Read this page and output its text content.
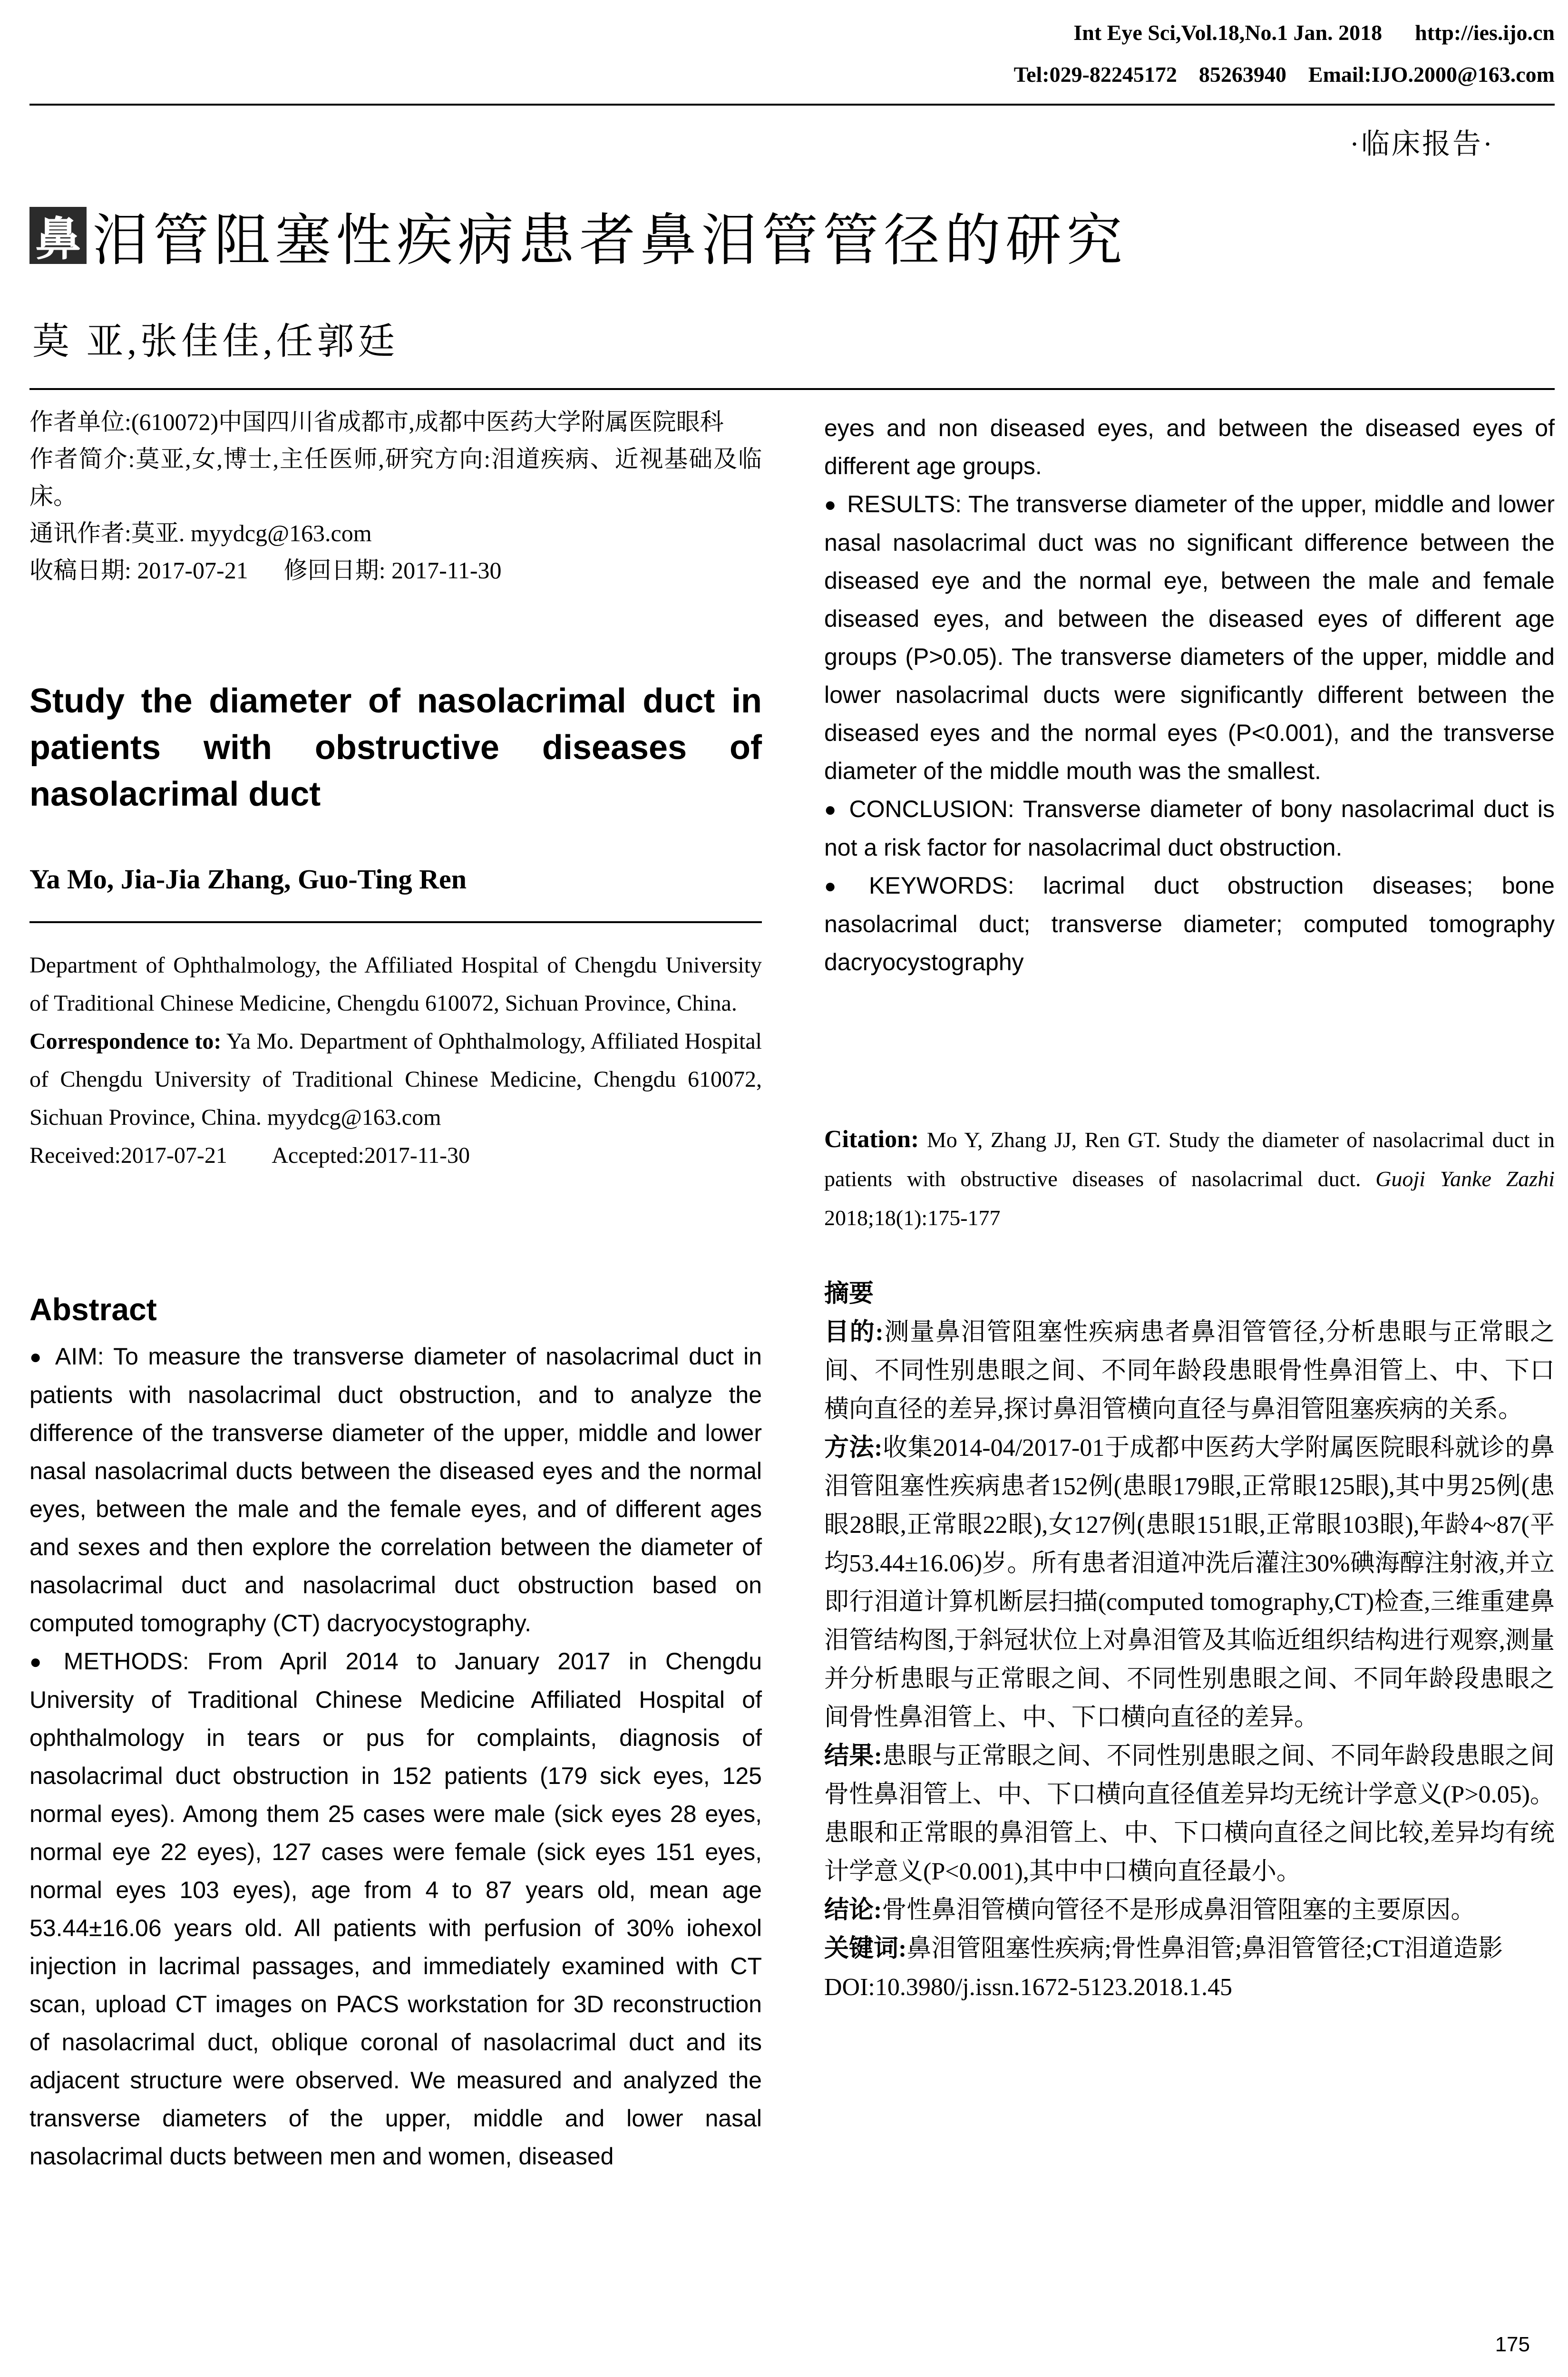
Int Eye Sci,Vol.18,No.1 Jan. 2018      http://ies.ijo.cn
Tel:029-82245172    85263940    Email:IJO.2000@163.com
·临床报告·
鼻 泪管阻塞性疾病患者鼻泪管管径的研究
莫 亚,张佳佳,任郭廷

作者单位:(610072)中国四川省成都市,成都中医药大学附属医院眼科

作者简介:莫亚,女,博士,主任医师,研究方向:泪道疾病、近视基础及临床。

通讯作者:莫亚. myydcg@163.com

收稿日期: 2017-07-21      修回日期: 2017-11-30

Study the diameter of nasolacrimal duct in patients with obstructive diseases of nasolacrimal duct

Ya Mo, Jia-Jia Zhang, Guo-Ting Ren

Department of Ophthalmology, the Affiliated Hospital of Chengdu University of Traditional Chinese Medicine, Chengdu 610072, Sichuan Province, China.

Correspondence to: Ya Mo. Department of Ophthalmology, Affiliated Hospital of Chengdu University of Traditional Chinese Medicine, Chengdu 610072, Sichuan Province, China. myydcg@163.com

Received:2017-07-21        Accepted:2017-11-30

Abstract

● AIM: To measure the transverse diameter of nasolacrimal duct in patients with nasolacrimal duct obstruction, and to analyze the difference of the transverse diameter of the upper, middle and lower nasal nasolacrimal ducts between the diseased eyes and the normal eyes, between the male and the female eyes, and of different ages and sexes and then explore the correlation between the diameter of nasolacrimal duct and nasolacrimal duct obstruction based on computed tomography (CT) dacryocystography.

● METHODS: From April 2014 to January 2017 in Chengdu University of Traditional Chinese Medicine Affiliated Hospital of ophthalmology in tears or pus for complaints, diagnosis of nasolacrimal duct obstruction in 152 patients (179 sick eyes, 125 normal eyes). Among them 25 cases were male (sick eyes 28 eyes, normal eye 22 eyes), 127 cases were female (sick eyes 151 eyes, normal eyes 103 eyes), age from 4 to 87 years old, mean age 53.44±16.06 years old. All patients with perfusion of 30% iohexol injection in lacrimal passages, and immediately examined with CT scan, upload CT images on PACS workstation for 3D reconstruction of nasolacrimal duct, oblique coronal of nasolacrimal duct and its adjacent structure were observed. We measured and analyzed the transverse diameters of the upper, middle and lower nasal nasolacrimal ducts between men and women, diseased

eyes and non diseased eyes, and between the diseased eyes of different age groups.

● RESULTS: The transverse diameter of the upper, middle and lower nasal nasolacrimal duct was no significant difference between the diseased eye and the normal eye, between the male and female diseased eyes, and between the diseased eyes of different age groups (P>0.05). The transverse diameters of the upper, middle and lower nasolacrimal ducts were significantly different between the diseased eyes and the normal eyes (P<0.001), and the transverse diameter of the middle mouth was the smallest.

● CONCLUSION: Transverse diameter of bony nasolacrimal duct is not a risk factor for nasolacrimal duct obstruction.

● KEYWORDS: lacrimal duct obstruction diseases; bone nasolacrimal duct; transverse diameter; computed tomography dacryocystography

Citation: Mo Y, Zhang JJ, Ren GT. Study the diameter of nasolacrimal duct in patients with obstructive diseases of nasolacrimal duct. Guoji Yanke Zazhi 2018;18(1):175-177

摘要

目的:测量鼻泪管阻塞性疾病患者鼻泪管管径,分析患眼与正常眼之间、不同性别患眼之间、不同年龄段患眼骨性鼻泪管上、中、下口横向直径的差异,探讨鼻泪管横向直径与鼻泪管阻塞疾病的关系。

方法:收集2014-04/2017-01于成都中医药大学附属医院眼科就诊的鼻泪管阻塞性疾病患者152例(患眼179眼,正常眼125眼),其中男25例(患眼28眼,正常眼22眼),女127例(患眼151眼,正常眼103眼),年龄4~87(平均53.44±16.06)岁。所有患者泪道冲洗后灌注30%碘海醇注射液,并立即行泪道计算机断层扫描(computed tomography,CT)检查,三维重建鼻泪管结构图,于斜冠状位上对鼻泪管及其临近组织结构进行观察,测量并分析患眼与正常眼之间、不同性别患眼之间、不同年龄段患眼之间骨性鼻泪管上、中、下口横向直径的差异。

结果:患眼与正常眼之间、不同性别患眼之间、不同年龄段患眼之间骨性鼻泪管上、中、下口横向直径值差异均无统计学意义(P>0.05)。患眼和正常眼的鼻泪管上、中、下口横向直径之间比较,差异均有统计学意义(P<0.001),其中中口横向直径最小。

结论:骨性鼻泪管横向管径不是形成鼻泪管阻塞的主要原因。

关键词:鼻泪管阻塞性疾病;骨性鼻泪管;鼻泪管管径;CT泪道造影

DOI:10.3980/j.issn.1672-5123.2018.1.45

175
